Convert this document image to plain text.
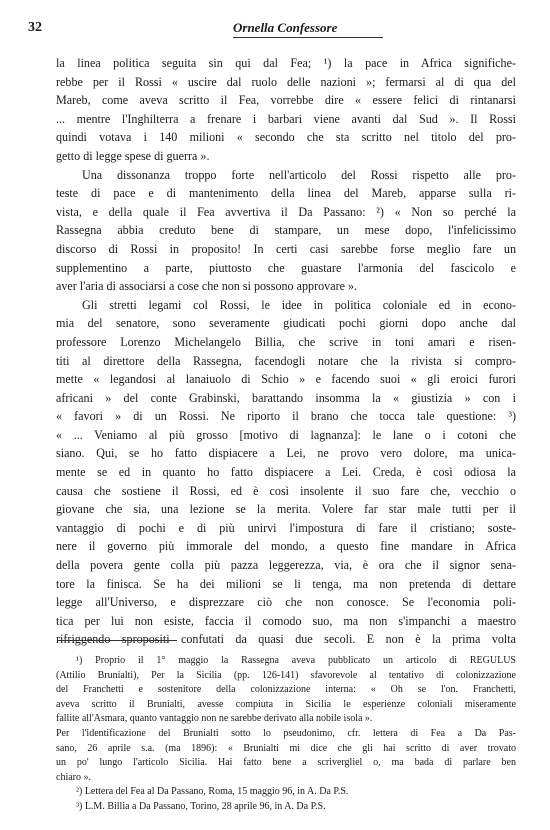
32	Ornella Confessore
la linea politica seguita sin qui dal Fea; ¹) la pace in Africa significhe-
rebbe per il Rossi « uscire dal ruolo delle nazioni »; fermarsi al di qua del
Mareb, come aveva scritto il Fea, vorrebbe dire « essere felici di rintanarsi
... mentre l'Inghilterra a frenare i barbari viene avanti dal Sud ». Il Rossi
quindi votava i 140 milioni « secondo che sta scritto nel titolo del pro-
getto di legge spese di guerra ».
Una dissonanza troppo forte nell'articolo del Rossi rispetto alle pro-
teste di pace e di mantenimento della linea del Mareb, apparse sulla ri-
vista, e della quale il Fea avvertiva il Da Passano: ²) « Non so perché la
Rassegna abbia creduto bene di stampare, un mese dopo, l'infelicissimo
discorso di Rossi in proposito! In certi casi sarebbe forse meglio fare un
supplementino a parte, piuttosto che guastare l'armonia del fascicolo e
aver l'aria di associarsi a cose che non si possono approvare ».
Gli stretti legami col Rossi, le idee in politica coloniale ed in econo-
mia del senatore, sono severamente giudicati pochi giorni dopo anche dal
professore Lorenzo Michelangelo Billia, che scrive in toni amari e risen-
titi al direttore della Rassegna, facendogli notare che la rivista si compro-
mette « legandosi al lanaiuolo di Schio » e facendo suoi « gli eroici furori
africani » del conte Grabinski, barattando insomma la « giustizia » con i
« favori » di un Rossi. Ne riporto il brano che tocca tale questione: ³)
« ... Veniamo al più grosso [motivo di lagnanza]: le lane o i cotoni che
siano. Qui, se ho fatto dispiacere a Lei, ne provo vero dolore, ma unica-
mente se ed in quanto ho fatto dispiacere a Lei. Creda, è così odiosa la
causa che sostiene il Rossi, ed è così insolente il suo fare che, vecchio o
giovane che sia, una lezione se la merita. Volere far star male tutti per il
vantaggio di pochi e di più unirvi l'impostura di fare il cristiano; soste-
nere il governo più immorale del mondo, a questo fine mandare in Africa
della povera gente colla più pazza leggerezza, via, è ora che il signor sena-
tore la finisca. Se ha dei milioni se li tenga, ma non pretenda di dettare
legge all'Universo, e disprezzare ciò che non conosce. Se l'economia poli-
tica per lui non esiste, faccia il comodo suo, ma non s'impanchi a maestro
rifriggendo spropositi confutati da quasi due secoli. E non è la prima volta
¹) Proprio il 1° maggio la Rassegna aveva pubblicato un articolo di REGULUS
(Attilio Brunialti), Per la Sicilia (pp. 126-141) sfavorevole al tentativo di colonizzazione
del Franchetti e sostenitore della colonizzazione interna: « Oh se l'on. Franchetti,
aveva scritto il Brunialti, avesse compiuta in Sicilia le esperienze coloniali miseramente
fallite all'Asmara, quanto vantaggio non ne sarebbe derivato alla nobile isola ».
Per l'identificazione del Brunialti sotto lo pseudonimo, cfr. lettera di Fea a Da Pas-
sano, 26 aprile s.a. (ma 1896): « Brunialti mi dice che gli hai scritto di aver trovato
un po' lungo l'articolo Sicilia. Hai fatto bene a scrivergliel o, ma bada di parlare ben
chiaro ».
²) Lettera del Fea al Da Passano, Roma, 15 maggio 96, in A. Da P.S.
³) L.M. Billia a Da Passano, Torino, 28 aprile 96, in A. Da P.S.
